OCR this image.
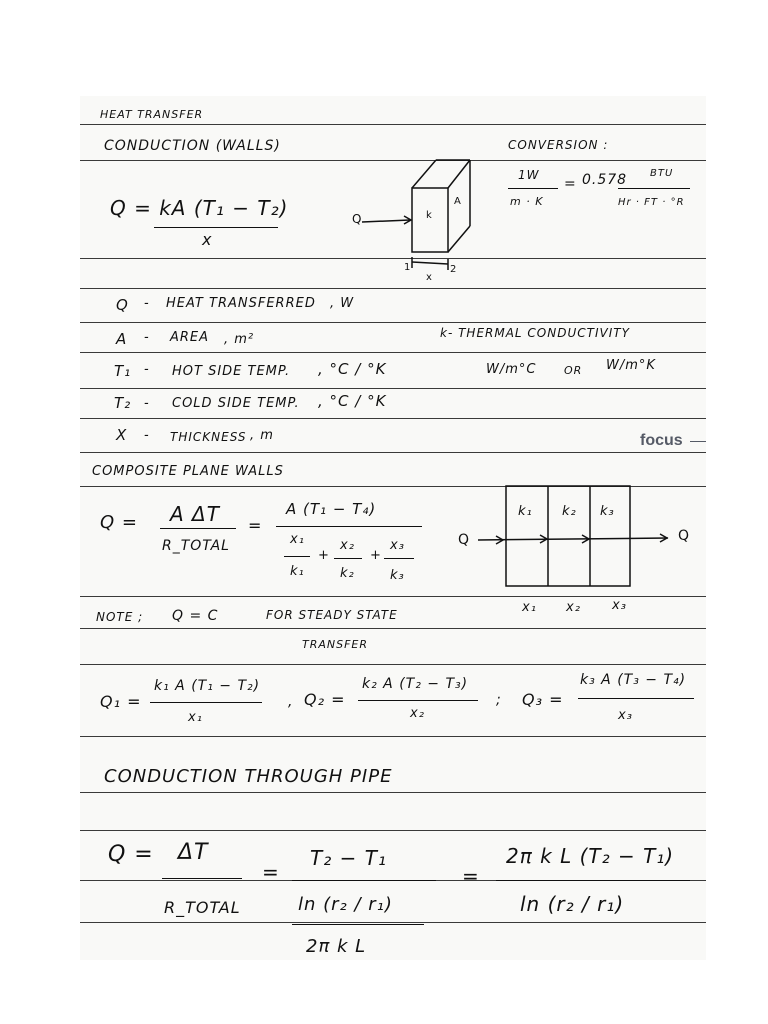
HEAT TRANSFER
CONDUCTION (WALLS)	CONVERSION :
1W
m · K
= 0.578 BTU
Hr · FT · °R
Q = kA (T₁ − T₂)
x
Q	k
A
1	2
x
Q - HEAT TRANSFERRED , W
A - AREA , m²
T₁ - HOT SIDE TEMP. , °C / °K
T₂ - COLD SIDE TEMP. , °C / °K
X - THICKNESS , m
k- THERMAL CONDUCTIVITY
W/m°C	OR W/m°K
focus
COMPOSITE PLANE WALLS
Q = A ΔT
R_TOTAL
=
A (T₁ − T₄)
x₁
k₁
+
x₂
k₂
+
x₃
k₃
Q	Q
k₁ k₂ k₃
x₁ x₂ x₃
NOTE ; Q = C	FOR STEADY STATE
TRANSFER
Q₁ =
k₁ A (T₁ − T₂)
x₁
, Q₂ =
k₂ A (T₂ − T₃)
x₂
; Q₃ =
k₃ A (T₃ − T₄)
x₃
CONDUCTION THROUGH PIPE
Q = ΔT
R_TOTAL
=
T₂ − T₁
ln (r₂ / r₁)
2π k L
=
2π k L (T₂ − T₁)
ln (r₂ / r₁)
